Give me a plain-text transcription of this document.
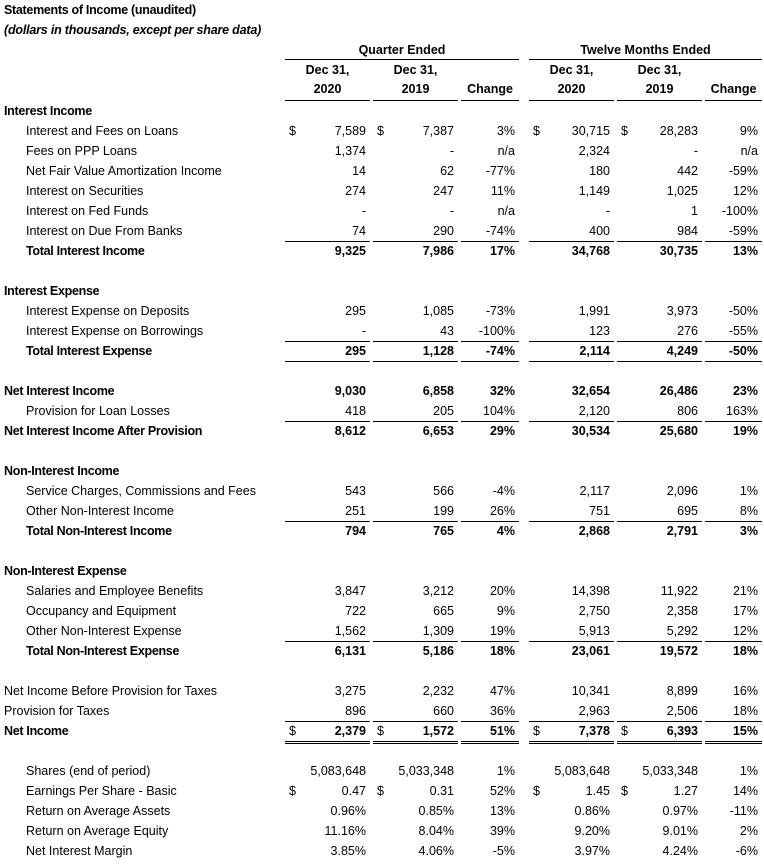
Statements of Income (unaudited)
(dollars in thousands, except per share data)
Quarter Ended	Twelve Months Ended
Dec 31,
2020
Dec 31,
2019	Change
Dec 31,
2020
Dec 31,
2019	Change
Interest Income
Interest and Fees on Loans	$	7,589 $	7,387	3% $	30,715 $	28,283	9%
Fees on PPP Loans	1,374	-	n/a	2,324	-	n/a
Net Fair Value Amortization Income	14	62	-77%	180	442 -59%
Interest on Securities	274	247	11%	1,149	1,025	12%
Interest on Fed Funds	-	-	n/a	-	1 -100%
Interest on Due From Banks	74	290	-74%	400	984 -59%
Total Interest Income	9,325	7,986	17%	34,768	30,735	13%
Interest Expense
Interest Expense on Deposits	295	1,085	-73%	1,991	3,973 -50%
Interest Expense on Borrowings	-	43 -100%	123	276 -55%
Total Interest Expense	295	1,128	-74%	2,114	4,249 -50%
Net Interest Income	9,030	6,858	32%	32,654	26,486	23%
Provision for Loan Losses	418	205 104%	2,120	806 163%
Net Interest Income After Provision	8,612	6,653	29%	30,534	25,680	19%
Non-Interest Income
Service Charges, Commissions and Fees	543	566	-4%	2,117	2,096	1%
Other Non-Interest Income	251	199	26%	751	695	8%
Total Non-Interest Income	794	765	4%	2,868	2,791	3%
Non-Interest Expense
Salaries and Employee Benefits	3,847	3,212	20%	14,398	11,922	21%
Occupancy and Equipment	722	665	9%	2,750	2,358	17%
Other Non-Interest Expense	1,562	1,309	19%	5,913	5,292	12%
Total Non-Interest Expense	6,131	5,186	18%	23,061	19,572	18%
Net Income Before Provision for Taxes	3,275	2,232	47%	10,341	8,899	16%
Provision for Taxes	896	660	36%	2,963	2,506	18%
Net Income	$	2,379 $	1,572	51% $	7,378 $	6,393	15%
Shares (end of period)	5,083,648	5,033,348	1%	5,083,648	5,033,348	1%
Earnings Per Share - Basic	$	0.47 $	0.31	52% $	1.45 $	1.27	14%
Return on Average Assets	0.96%	0.85%	13%	0.86%	0.97%	-11%
Return on Average Equity	11.16%	8.04%	39%	9.20%	9.01%	2%
Net Interest Margin	3.85%	4.06%	-5%	3.97%	4.24%	-6%
